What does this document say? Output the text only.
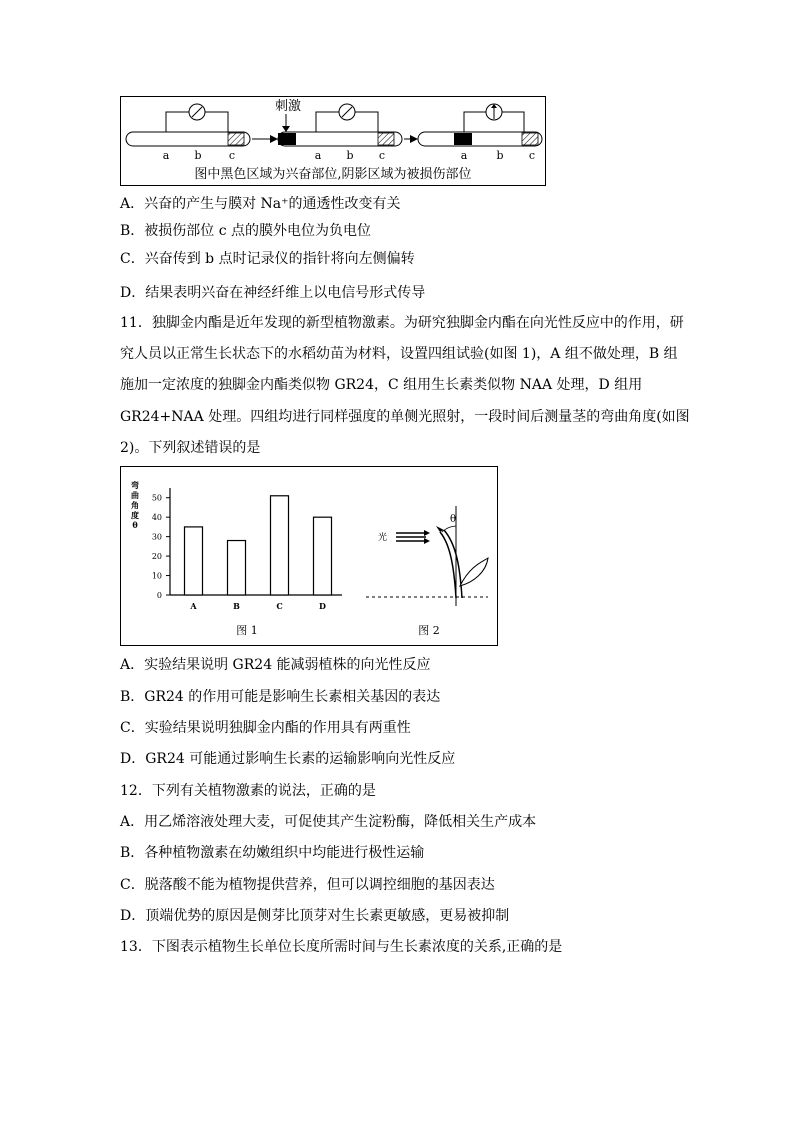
a b c
刺激
a b c	a	b c
图中黑色区域为兴奋部位,阴影区域为被损伤部位
A．兴奋的产生与膜对 Na⁺的通透性改变有关
B．被损伤部位 c 点的膜外电位为负电位
C．兴奋传到 b 点时记录仪的指针将向左侧偏转
D．结果表明兴奋在神经纤维上以电信号形式传导
11．独脚金内酯是近年发现的新型植物激素。为研究独脚金内酯在向光性反应中的作用，研
究人员以正常生长状态下的水稻幼苗为材料，设置四组试验(如图 1)，A 组不做处理，B 组
施加一定浓度的独脚金内酯类似物 GR24，C 组用生长素类似物 NAA 处理，D 组用
GR24+NAA 处理。四组均进行同样强度的单侧光照射，一段时间后测量茎的弯曲角度(如图
2)。下列叙述错误的是
弯
曲
角
度
θ
A	B	C	D
0
10
20
30
40
50
图 1
光
θ
图 2
A．实验结果说明 GR24 能减弱植株的向光性反应
B．GR24 的作用可能是影响生长素相关基因的表达
C．实验结果说明独脚金内酯的作用具有两重性
D．GR24 可能通过影响生长素的运输影响向光性反应
12．下列有关植物激素的说法，正确的是
A．用乙烯溶液处理大麦，可促使其产生淀粉酶，降低相关生产成本
B．各种植物激素在幼嫩组织中均能进行极性运输
C．脱落酸不能为植物提供营养，但可以调控细胞的基因表达
D．顶端优势的原因是侧芽比顶芽对生长素更敏感，更易被抑制
13．下图表示植物生长单位长度所需时间与生长素浓度的关系,正确的是
